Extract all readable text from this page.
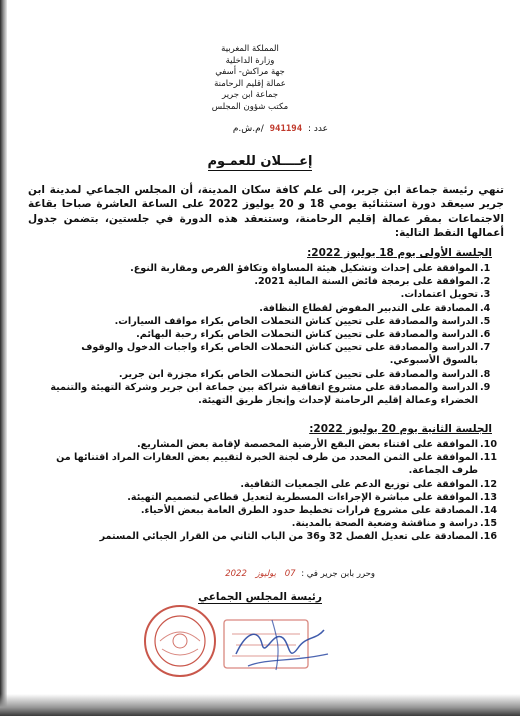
المملكة المغربية
وزارة الداخلية
جهة مراكش- أسفي
عمالة إقليم الرحامنة
جماعة ابن جرير
مكتب شؤون المجلس
عدد : 941194 /م.ش.م
إعــــلان للعمـوم
تنهي رئيسة جماعة ابن جرير، إلى علم كافة سكان المدينة، أن المجلس الجماعي لمدينة ابن جرير سيعقد دورة استثنائية يومي 18 و 20 يوليوز 2022 على الساعة العاشرة صباحا بقاعة الاجتماعات بمقر عمالة إقليم الرحامنة، وستنعقد هذه الدورة في جلستين، بتضمن جدول أعمالها النقط التالية:
الجلسة الأولى يوم 18 يوليوز 2022:
1.
الموافقة على إحداث وتشكيل هيئة المساواة وتكافؤ الفرص ومقاربة النوع.
2.
الموافقة على برمجة فائض السنة المالية 2021.
3.
تحويل اعتمادات.
4.
المصادقة على التدبير المفوض لقطاع النظافة.
5.
الدراسة والمصادقة على تحيين كناش التحملات الخاص بكراء مواقف السيارات.
6.
الدراسة والمصادقة على تحيين كناش التحملات الخاص بكراء رحبة البهائم.
7.
الدراسة والمصادقة على تحيين كناش التحملات الخاص بكراء واجبات الدخول والوقوف بالسوق الأسبوعي.
8.
الدراسة والمصادقة على تحيين كناش التحملات الخاص بكراء مجزرة ابن جرير.
9.
الدراسة والمصادقة على مشروع اتفاقية شراكة بين جماعة ابن جرير وشركة التهيئة والتنمية الخضراء وعمالة إقليم الرحامنة لإحداث وإنجاز طريق التهيئة.
الجلسة الثانية يوم 20 يوليوز 2022:
10.
الموافقة على اقتناء بعض البقع الأرضية المخصصة لإقامة بعض المشاريع.
11.
الموافقة على الثمن المحدد من طرف لجنة الخبرة لتقييم بعض العقارات المراد اقتنائها من طرف الجماعة.
12.
الموافقة على توزيع الدعم على الجمعيات الثقافية.
13.
الموافقة على مباشرة الإجراءات المسطرية لتعديل قطاعي لتصميم التهيئة.
14.
المصادقة على مشروع قرارات تخطيط حدود الطرق العامة ببعض الأحياء.
15.
دراسة و مناقشة وضعية الصحة بالمدينة.
16.
المصادقة على تعديل الفصل 32 و36 من الباب الثاني من القرار الجبائي المستمر
وحرر بابن جرير في : 07 يوليوز 2022
رئيسة المجلس الجماعي
